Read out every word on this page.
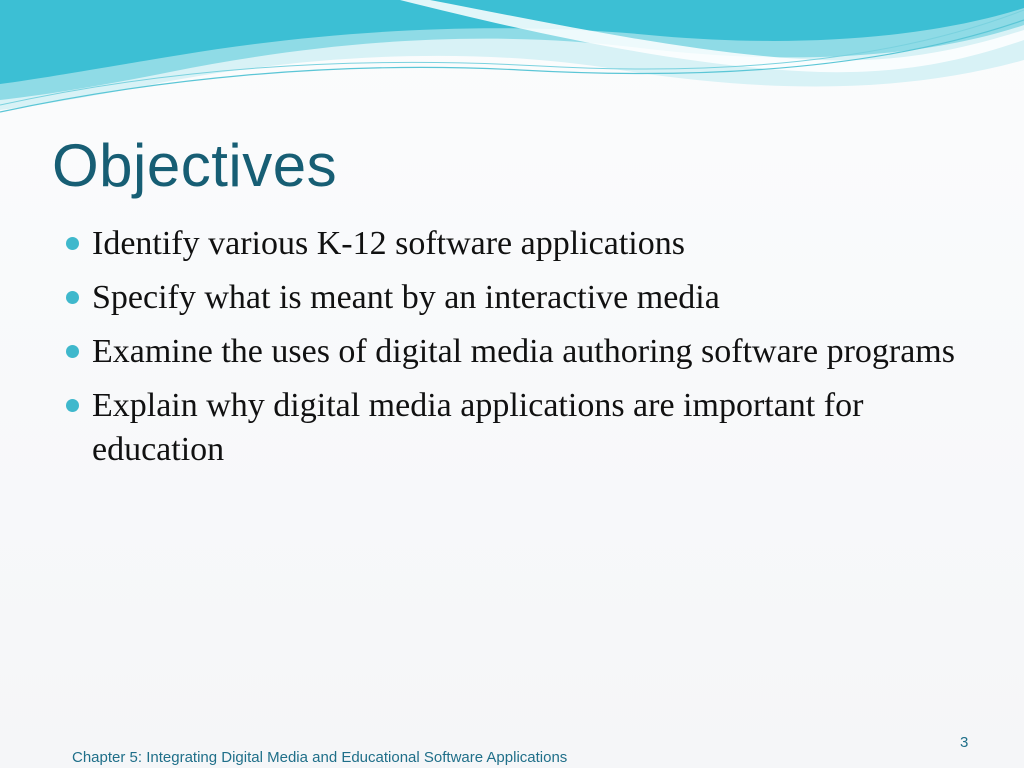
Objectives
Identify various K-12 software applications
Specify what is meant by an interactive media
Examine the uses of digital media authoring software programs
Explain why digital media applications are important for education
3
Chapter 5: Integrating Digital Media and Educational Software Applications
